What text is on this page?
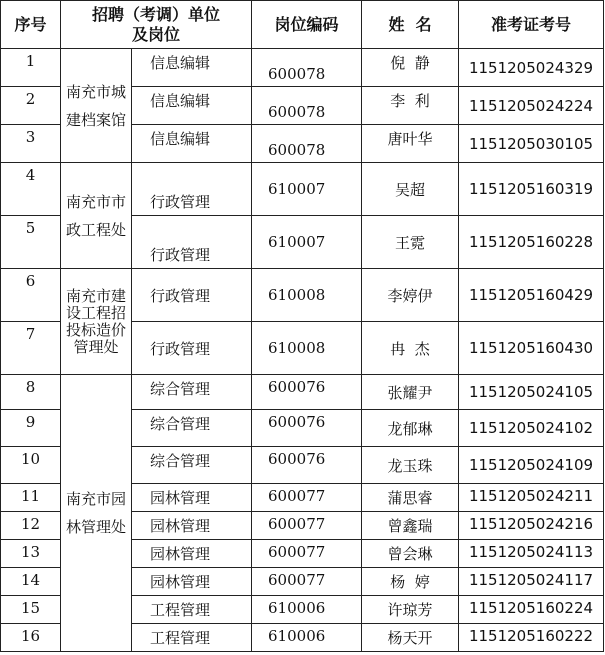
序号	招聘（考调）单位及岗位		岗位编码	姓  名	准考证考号
1	南充市城建档案馆	信息编辑	600078	倪  静	1151205024329
2		信息编辑	600078	李  利	1151205024224
3		信息编辑	600078	唐叶华	1151205030105
4	南充市市政工程处	行政管理	610007	吴超	1151205160319
5		行政管理	610007	王霓	1151205160228
6	南充市建设工程招投标造价管理处	行政管理	610008	李婷伊	1151205160429
7		行政管理	610008	冉  杰	1151205160430
8	南充市园林管理处	综合管理	600076	张耀尹	1151205024105
9		综合管理	600076	龙郁琳	1151205024102
10		综合管理	600076	龙玉珠	1151205024109
11		园林管理	600077	蒲思睿	1151205024211
12		园林管理	600077	曾鑫瑞	1151205024216
13		园林管理	600077	曾会琳	1151205024113
14		园林管理	600077	杨  婷	1151205024117
15		工程管理	610006	许琼芳	1151205160224
16		工程管理	610006	杨天开	1151205160222
